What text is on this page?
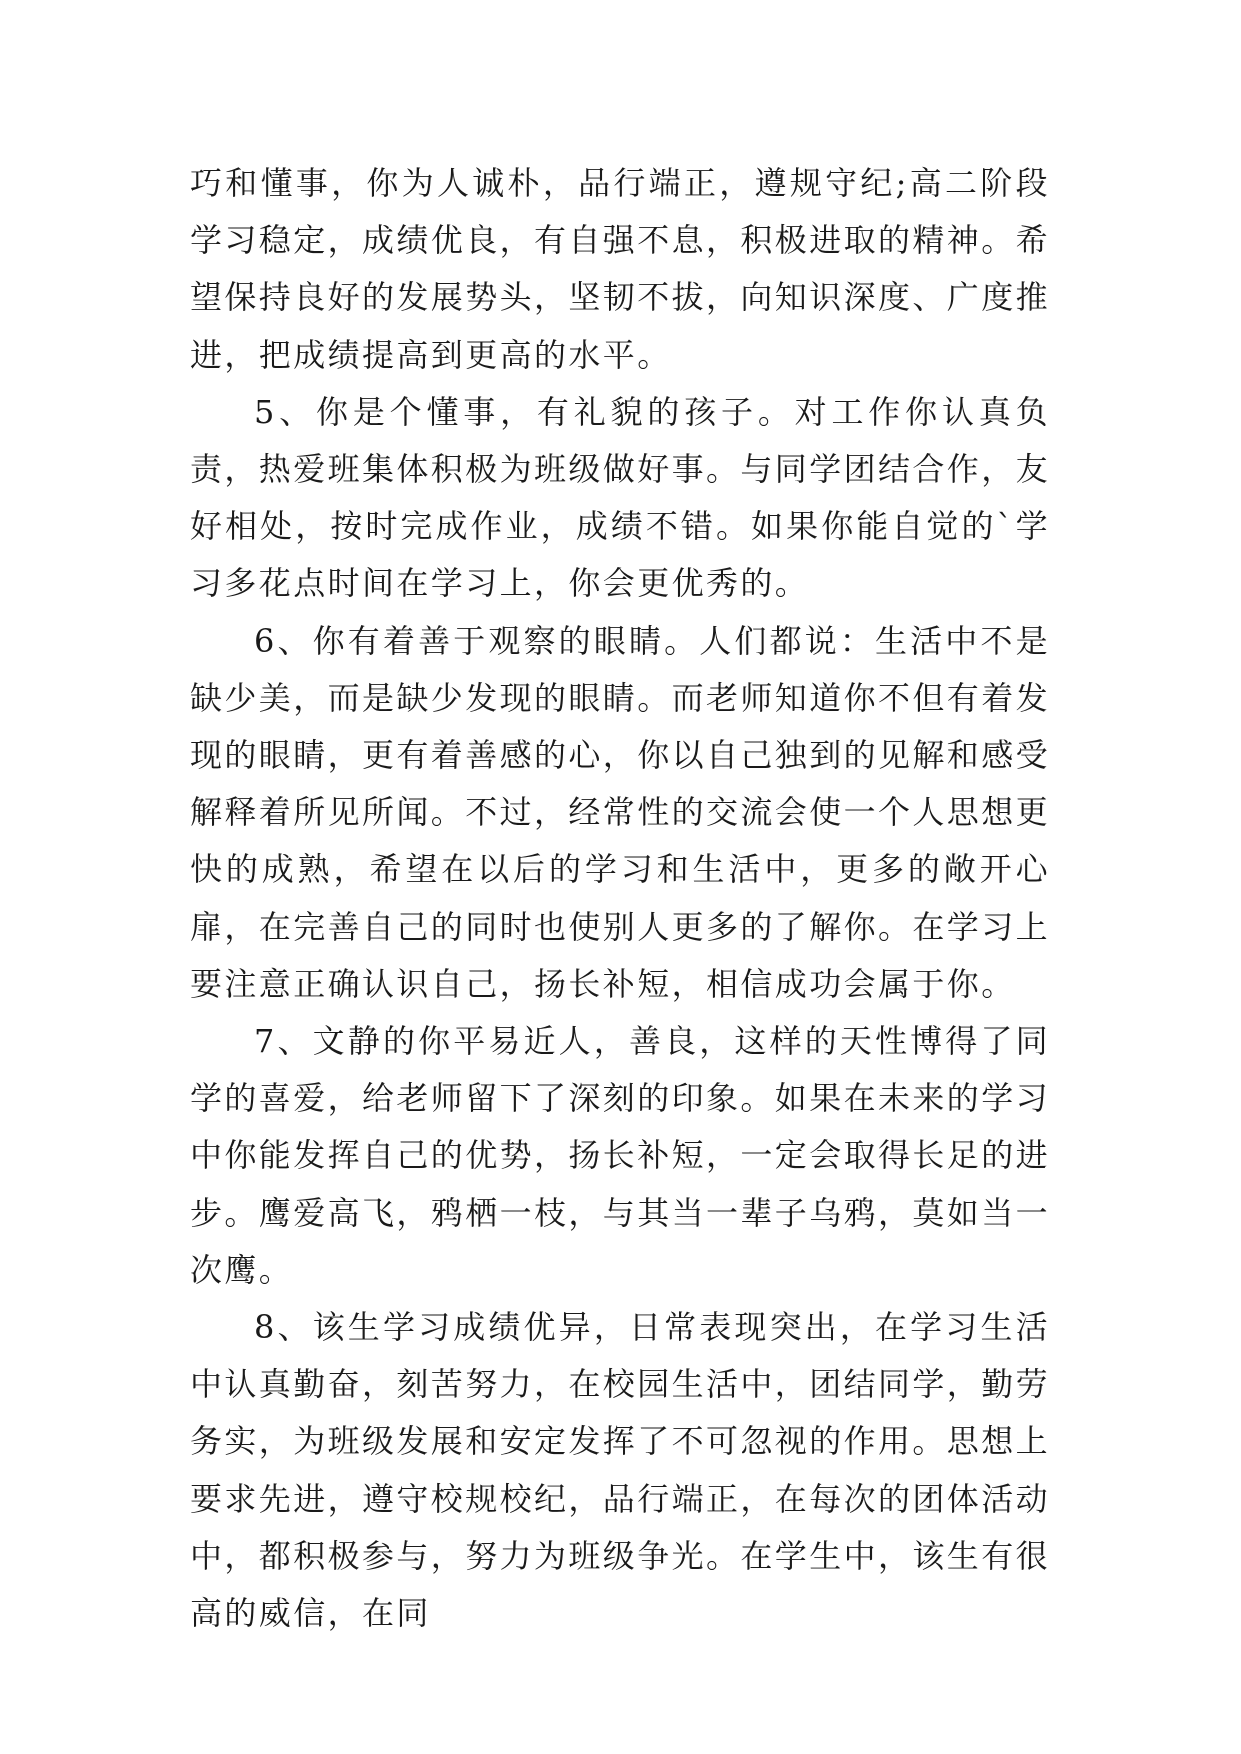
巧和懂事，你为人诚朴，品行端正，遵规守纪;高二阶段学习稳定，成绩优良，有自强不息，积极进取的精神。希望保持良好的发展势头，坚韧不拔，向知识深度、广度推进，把成绩提高到更高的水平。

5、你是个懂事，有礼貌的孩子。对工作你认真负责，热爱班集体积极为班级做好事。与同学团结合作，友好相处，按时完成作业，成绩不错。如果你能自觉的`学习多花点时间在学习上，你会更优秀的。

6、你有着善于观察的眼睛。人们都说：生活中不是缺少美，而是缺少发现的眼睛。而老师知道你不但有着发现的眼睛，更有着善感的心，你以自己独到的见解和感受解释着所见所闻。不过，经常性的交流会使一个人思想更快的成熟，希望在以后的学习和生活中，更多的敞开心扉，在完善自己的同时也使别人更多的了解你。在学习上要注意正确认识自己，扬长补短，相信成功会属于你。

7、文静的你平易近人，善良，这样的天性博得了同学的喜爱，给老师留下了深刻的印象。如果在未来的学习中你能发挥自己的优势，扬长补短，一定会取得长足的进步。鹰爱高飞，鸦栖一枝，与其当一辈子乌鸦，莫如当一次鹰。

8、该生学习成绩优异，日常表现突出，在学习生活中认真勤奋，刻苦努力，在校园生活中，团结同学，勤劳务实，为班级发展和安定发挥了不可忽视的作用。思想上要求先进，遵守校规校纪，品行端正，在每次的团体活动中，都积极参与，努力为班级争光。在学生中，该生有很高的威信，在同
